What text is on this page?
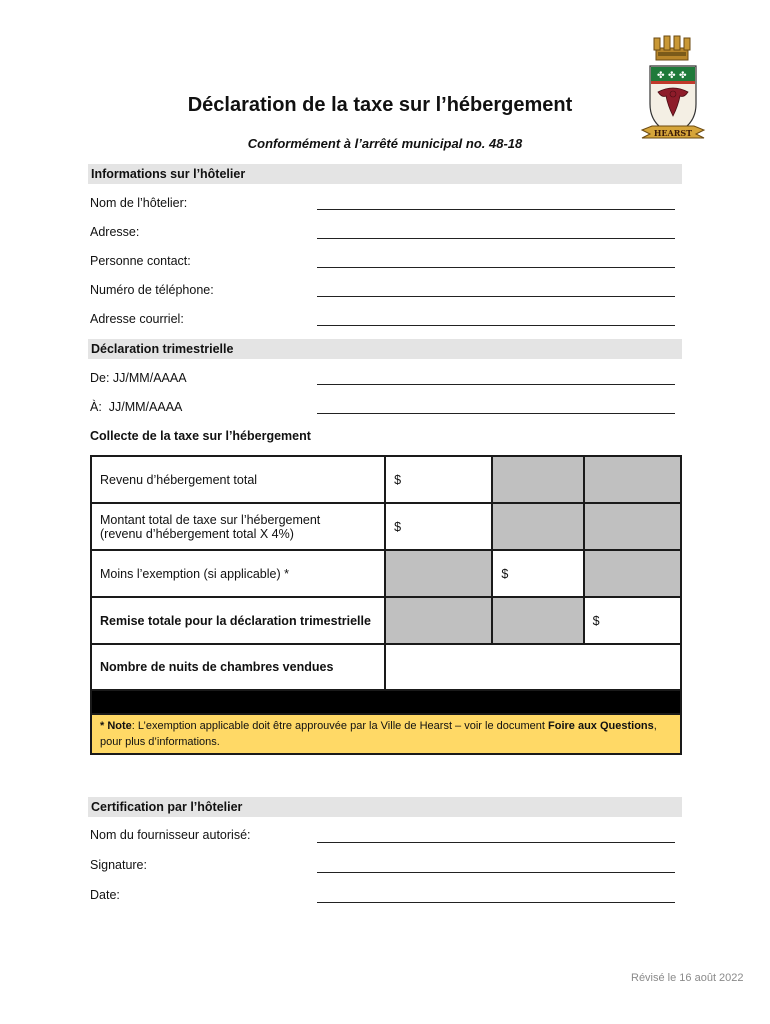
Déclaration de la taxe sur l’hébergement
Conformément à l’arrêté municipal no. 48-18
✤ ✤ ✤
HEARST
Informations sur l’hôtelier
Nom de l’hôtelier:
Adresse:
Personne contact:
Numéro de téléphone:
Adresse courriel:
Déclaration trimestrielle
De: JJ/MM/AAAA
À:  JJ/MM/AAAA
Collecte de la taxe sur l’hébergement
Revenu d’hébergement total	$		

Montant total de taxe sur l’hébergement
(revenu d’hébergement total X 4%)	$		
Moins l’exemption (si applicable) *		$	
Remise totale pour la déclaration trimestrielle			$
Nombre de nuits de chambres vendues			

* Note: L’exemption applicable doit être approuvée par la Ville de Hearst – voir le document Foire aux Questions, pour plus d’informations.			
Certification par l’hôtelier
Nom du fournisseur autorisé:
Signature:
Date:
Révisé le 16 août 2022
